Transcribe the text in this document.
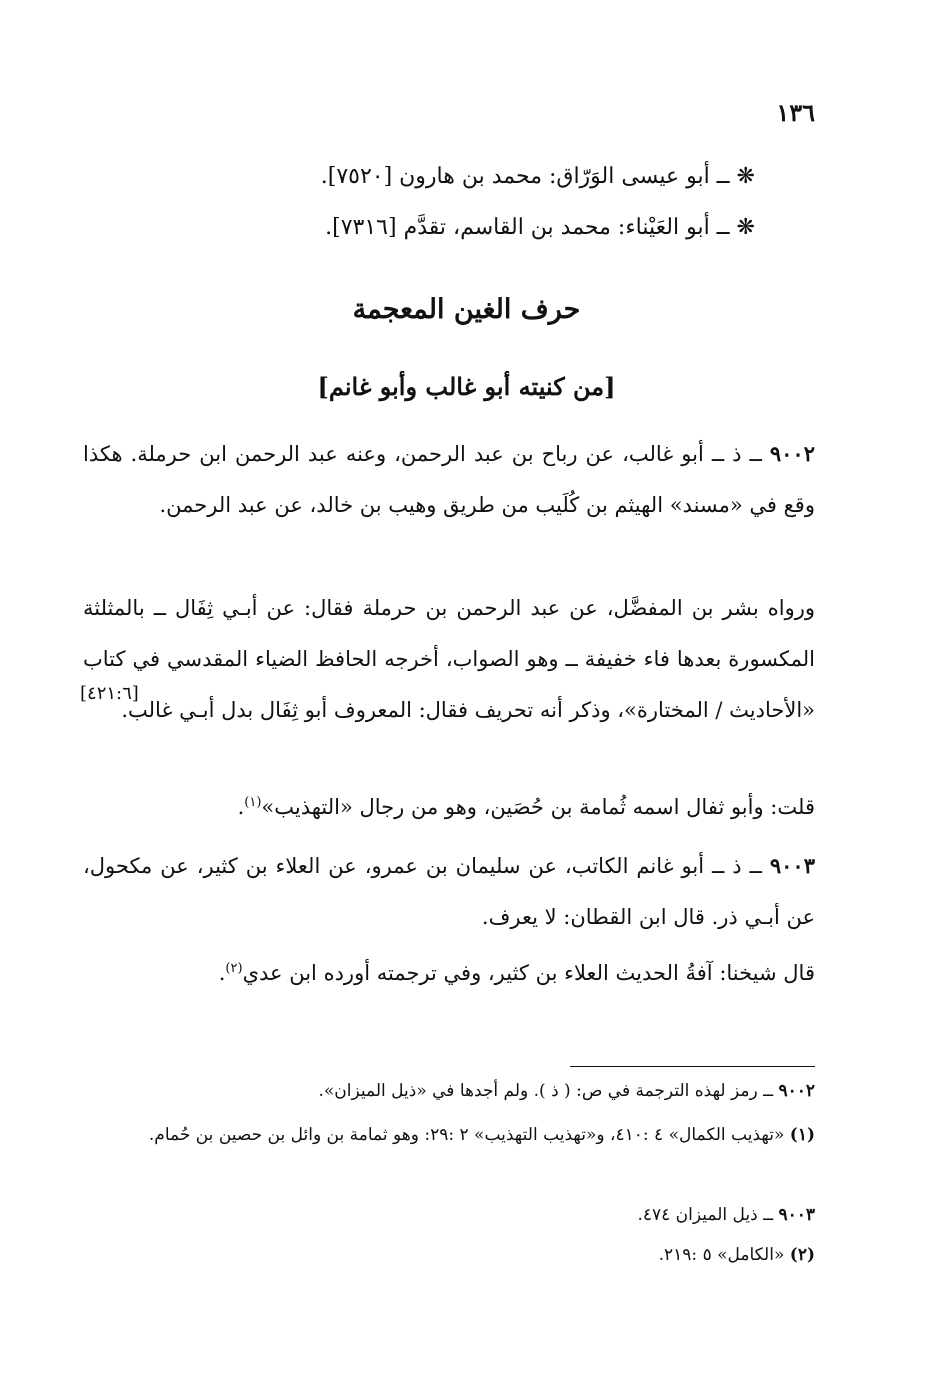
١٣٦
❋ ــ أبو عيسى الوَرّاق: محمد بن هارون [٧٥٢٠].
❋ ــ أبو العَيْناء: محمد بن القاسم، تقدَّم [٧٣١٦].
حرف الغين المعجمة
[من كنيته أبو غالب وأبو غانم]
٩٠٠٢ ــ ذ ــ أبو غالب، عن رباح بن عبد الرحمن، وعنه عبد الرحمن ابن حرملة. هكذا وقع في «مسند» الهيثم بن كُلَيب من طريق وهيب بن خالد، عن عبد الرحمن.
ورواه بشر بن المفضَّل، عن عبد الرحمن بن حرملة فقال: عن أبـي ثِفَال ــ بالمثلثة المكسورة بعدها فاء خفيفة ــ وهو الصواب، أخرجه الحافظ الضياء المقدسي في كتاب «الأحاديث / المختارة»، وذكر أنه تحريف فقال: المعروف أبو ثِفَال بدل أبـي غالب.
[٤٢١:٦]
قلت: وأبو ثفال اسمه ثُمامة بن حُصَين، وهو من رجال «التهذيب»$^{(١)}$.
٩٠٠٣ ــ ذ ــ أبو غانم الكاتب، عن سليمان بن عمرو، عن العلاء بن كثير، عن مكحول، عن أبـي ذر. قال ابن القطان: لا يعرف.
قال شيخنا: آفةُ الحديث العلاء بن كثير، وفي ترجمته أورده ابن عدي$^{(٢)}$.
٩٠٠٢ ــ رمز لهذه الترجمة في ص: ( ذ ). ولم أجدها في «ذيل الميزان».
(١) «تهذيب الكمال» ٤ :٤١٠، و«تهذيب التهذيب» ٢ :٢٩: وهو ثمامة بن وائل بن حصين بن حُمام.
٩٠٠٣ ــ ذيل الميزان ٤٧٤.
(٢) «الكامل» ٥ :٢١٩.
